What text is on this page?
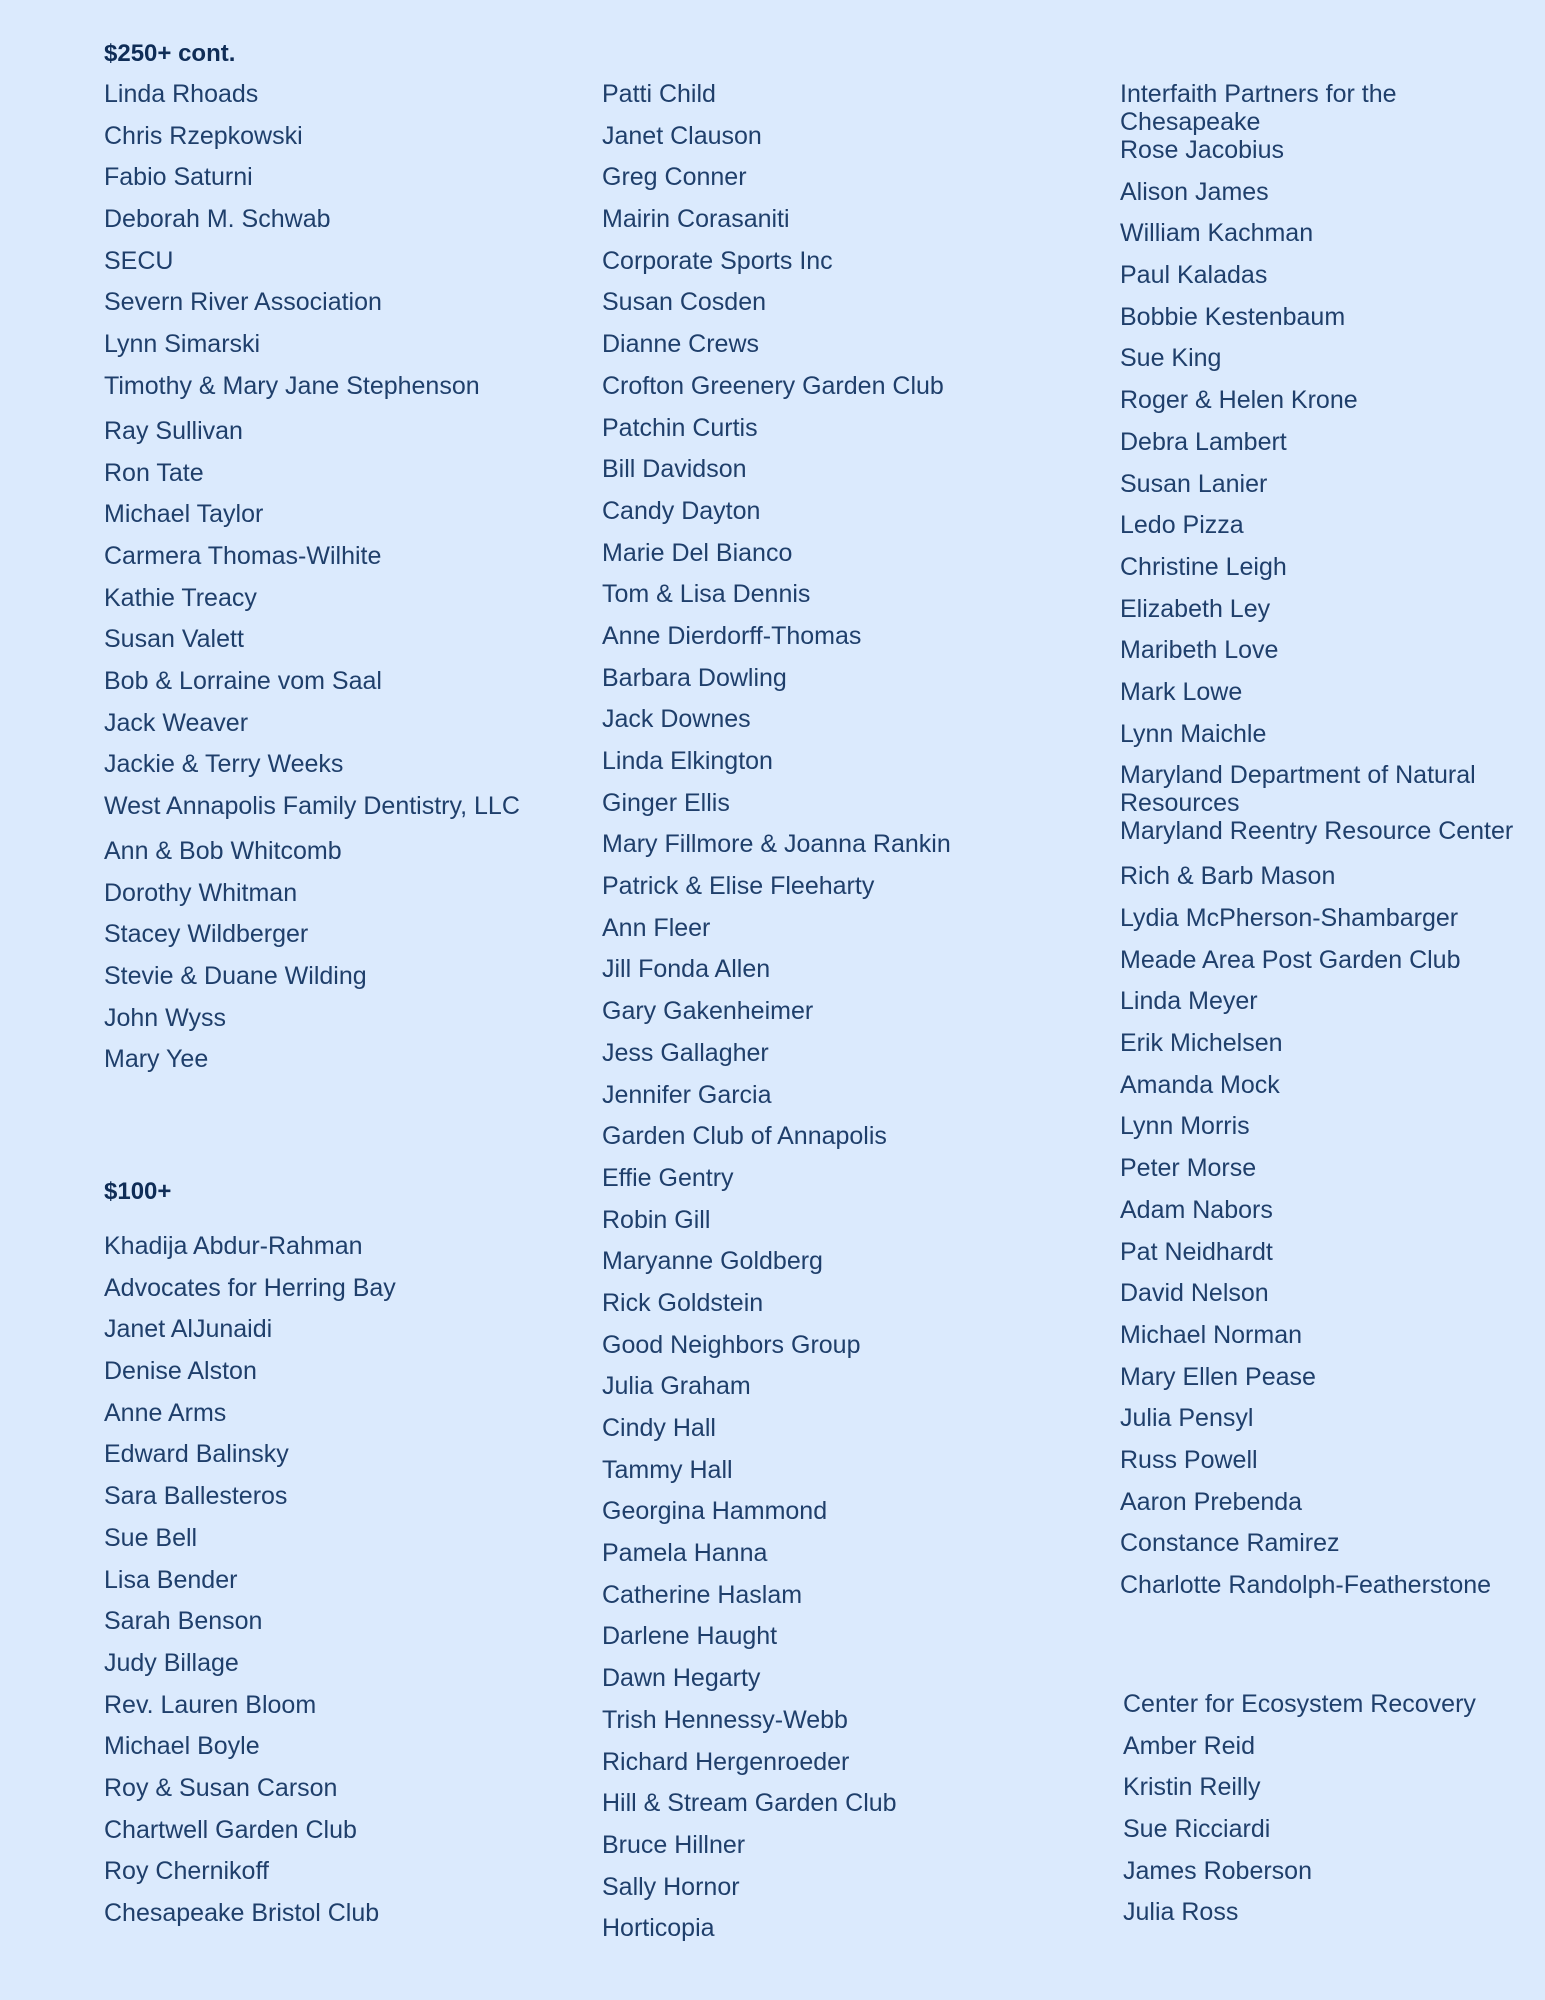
$250+ cont.
Linda Rhoads
Chris Rzepkowski
Fabio Saturni
Deborah M. Schwab
SECU
Severn River Association
Lynn Simarski
Timothy & Mary Jane Stephenson
Ray Sullivan
Ron Tate
Michael Taylor
Carmera Thomas-Wilhite
Kathie Treacy
Susan Valett
Bob & Lorraine vom Saal
Jack Weaver
Jackie & Terry Weeks
West Annapolis Family Dentistry, LLC
Ann & Bob Whitcomb
Dorothy Whitman
Stacey Wildberger
Stevie & Duane Wilding
John Wyss
Mary Yee
$100+
Khadija Abdur-Rahman
Advocates for Herring Bay
Janet AlJunaidi
Denise Alston
Anne Arms
Edward Balinsky
Sara Ballesteros
Sue Bell
Lisa Bender
Sarah Benson
Judy Billage
Rev. Lauren Bloom
Michael Boyle
Roy & Susan Carson
Chartwell Garden Club
Roy Chernikoff
Chesapeake Bristol Club
Patti Child
Janet Clauson
Greg Conner
Mairin Corasaniti
Corporate Sports Inc
Susan Cosden
Dianne Crews
Crofton Greenery Garden Club
Patchin Curtis
Bill Davidson
Candy Dayton
Marie Del Bianco
Tom & Lisa Dennis
Anne Dierdorff-Thomas
Barbara Dowling
Jack Downes
Linda Elkington
Ginger Ellis
Mary Fillmore & Joanna Rankin
Patrick & Elise Fleeharty
Ann Fleer
Jill Fonda Allen
Gary Gakenheimer
Jess Gallagher
Jennifer Garcia
Garden Club of Annapolis
Effie Gentry
Robin Gill
Maryanne Goldberg
Rick Goldstein
Good Neighbors Group
Julia Graham
Cindy Hall
Tammy Hall
Georgina Hammond
Pamela Hanna
Catherine Haslam
Darlene Haught
Dawn Hegarty
Trish Hennessy-Webb
Richard Hergenroeder
Hill & Stream Garden Club
Bruce Hillner
Sally Hornor
Horticopia
Interfaith Partners for the Chesapeake
Rose Jacobius
Alison James
William Kachman
Paul Kaladas
Bobbie Kestenbaum
Sue King
Roger & Helen Krone
Debra Lambert
Susan Lanier
Ledo Pizza
Christine Leigh
Elizabeth Ley
Maribeth Love
Mark Lowe
Lynn Maichle
Maryland Department of Natural Resources
Maryland Reentry Resource Center
Rich & Barb Mason
Lydia McPherson-Shambarger
Meade Area Post Garden Club
Linda Meyer
Erik Michelsen
Amanda Mock
Lynn Morris
Peter Morse
Adam Nabors
Pat Neidhardt
David Nelson
Michael Norman
Mary Ellen Pease
Julia Pensyl
Russ Powell
Aaron Prebenda
Constance Ramirez
Charlotte Randolph-Featherstone
Center for Ecosystem Recovery
Amber Reid
Kristin Reilly
Sue Ricciardi
James Roberson
Julia Ross
